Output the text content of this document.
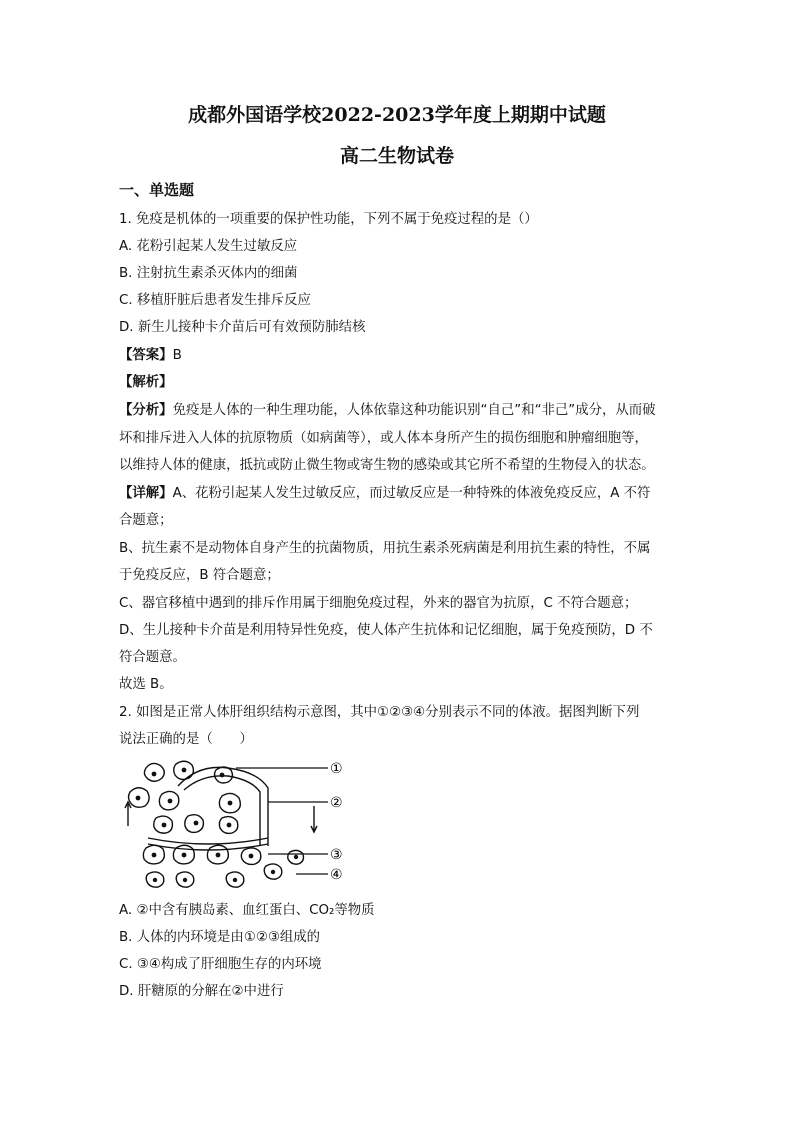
成都外国语学校2022-2023学年度上期期中试题
高二生物试卷
一、单选题
1. 免疫是机体的一项重要的保护性功能，下列不属于免疫过程的是（）
A. 花粉引起某人发生过敏反应
B. 注射抗生素杀灭体内的细菌
C. 移植肝脏后患者发生排斥反应
D. 新生儿接种卡介苗后可有效预防肺结核
【答案】B
【解析】
【分析】免疫是人体的一种生理功能，人体依靠这种功能识别“自己”和“非己”成分，从而破
坏和排斥进入人体的抗原物质（如病菌等），或人体本身所产生的损伤细胞和肿瘤细胞等，
以维持人体的健康，抵抗或防止微生物或寄生物的感染或其它所不希望的生物侵入的状态。
【详解】A、花粉引起某人发生过敏反应，而过敏反应是一种特殊的体液免疫反应，A 不符
合题意；
B、抗生素不是动物体自身产生的抗菌物质，用抗生素杀死病菌是利用抗生素的特性，不属
于免疫反应，B 符合题意；
C、器官移植中遇到的排斥作用属于细胞免疫过程，外来的器官为抗原，C 不符合题意；
D、生儿接种卡介苗是利用特异性免疫，使人体产生抗体和记忆细胞，属于免疫预防，D 不
符合题意。
故选 B。
2. 如图是正常人体肝组织结构示意图，其中①②③④分别表示不同的体液。据图判断下列
说法正确的是（　　）
①
②
③
④
A. ②中含有胰岛素、血红蛋白、CO₂等物质
B. 人体的内环境是由①②③组成的
C. ③④构成了肝细胞生存的内环境
D. 肝糖原的分解在②中进行
